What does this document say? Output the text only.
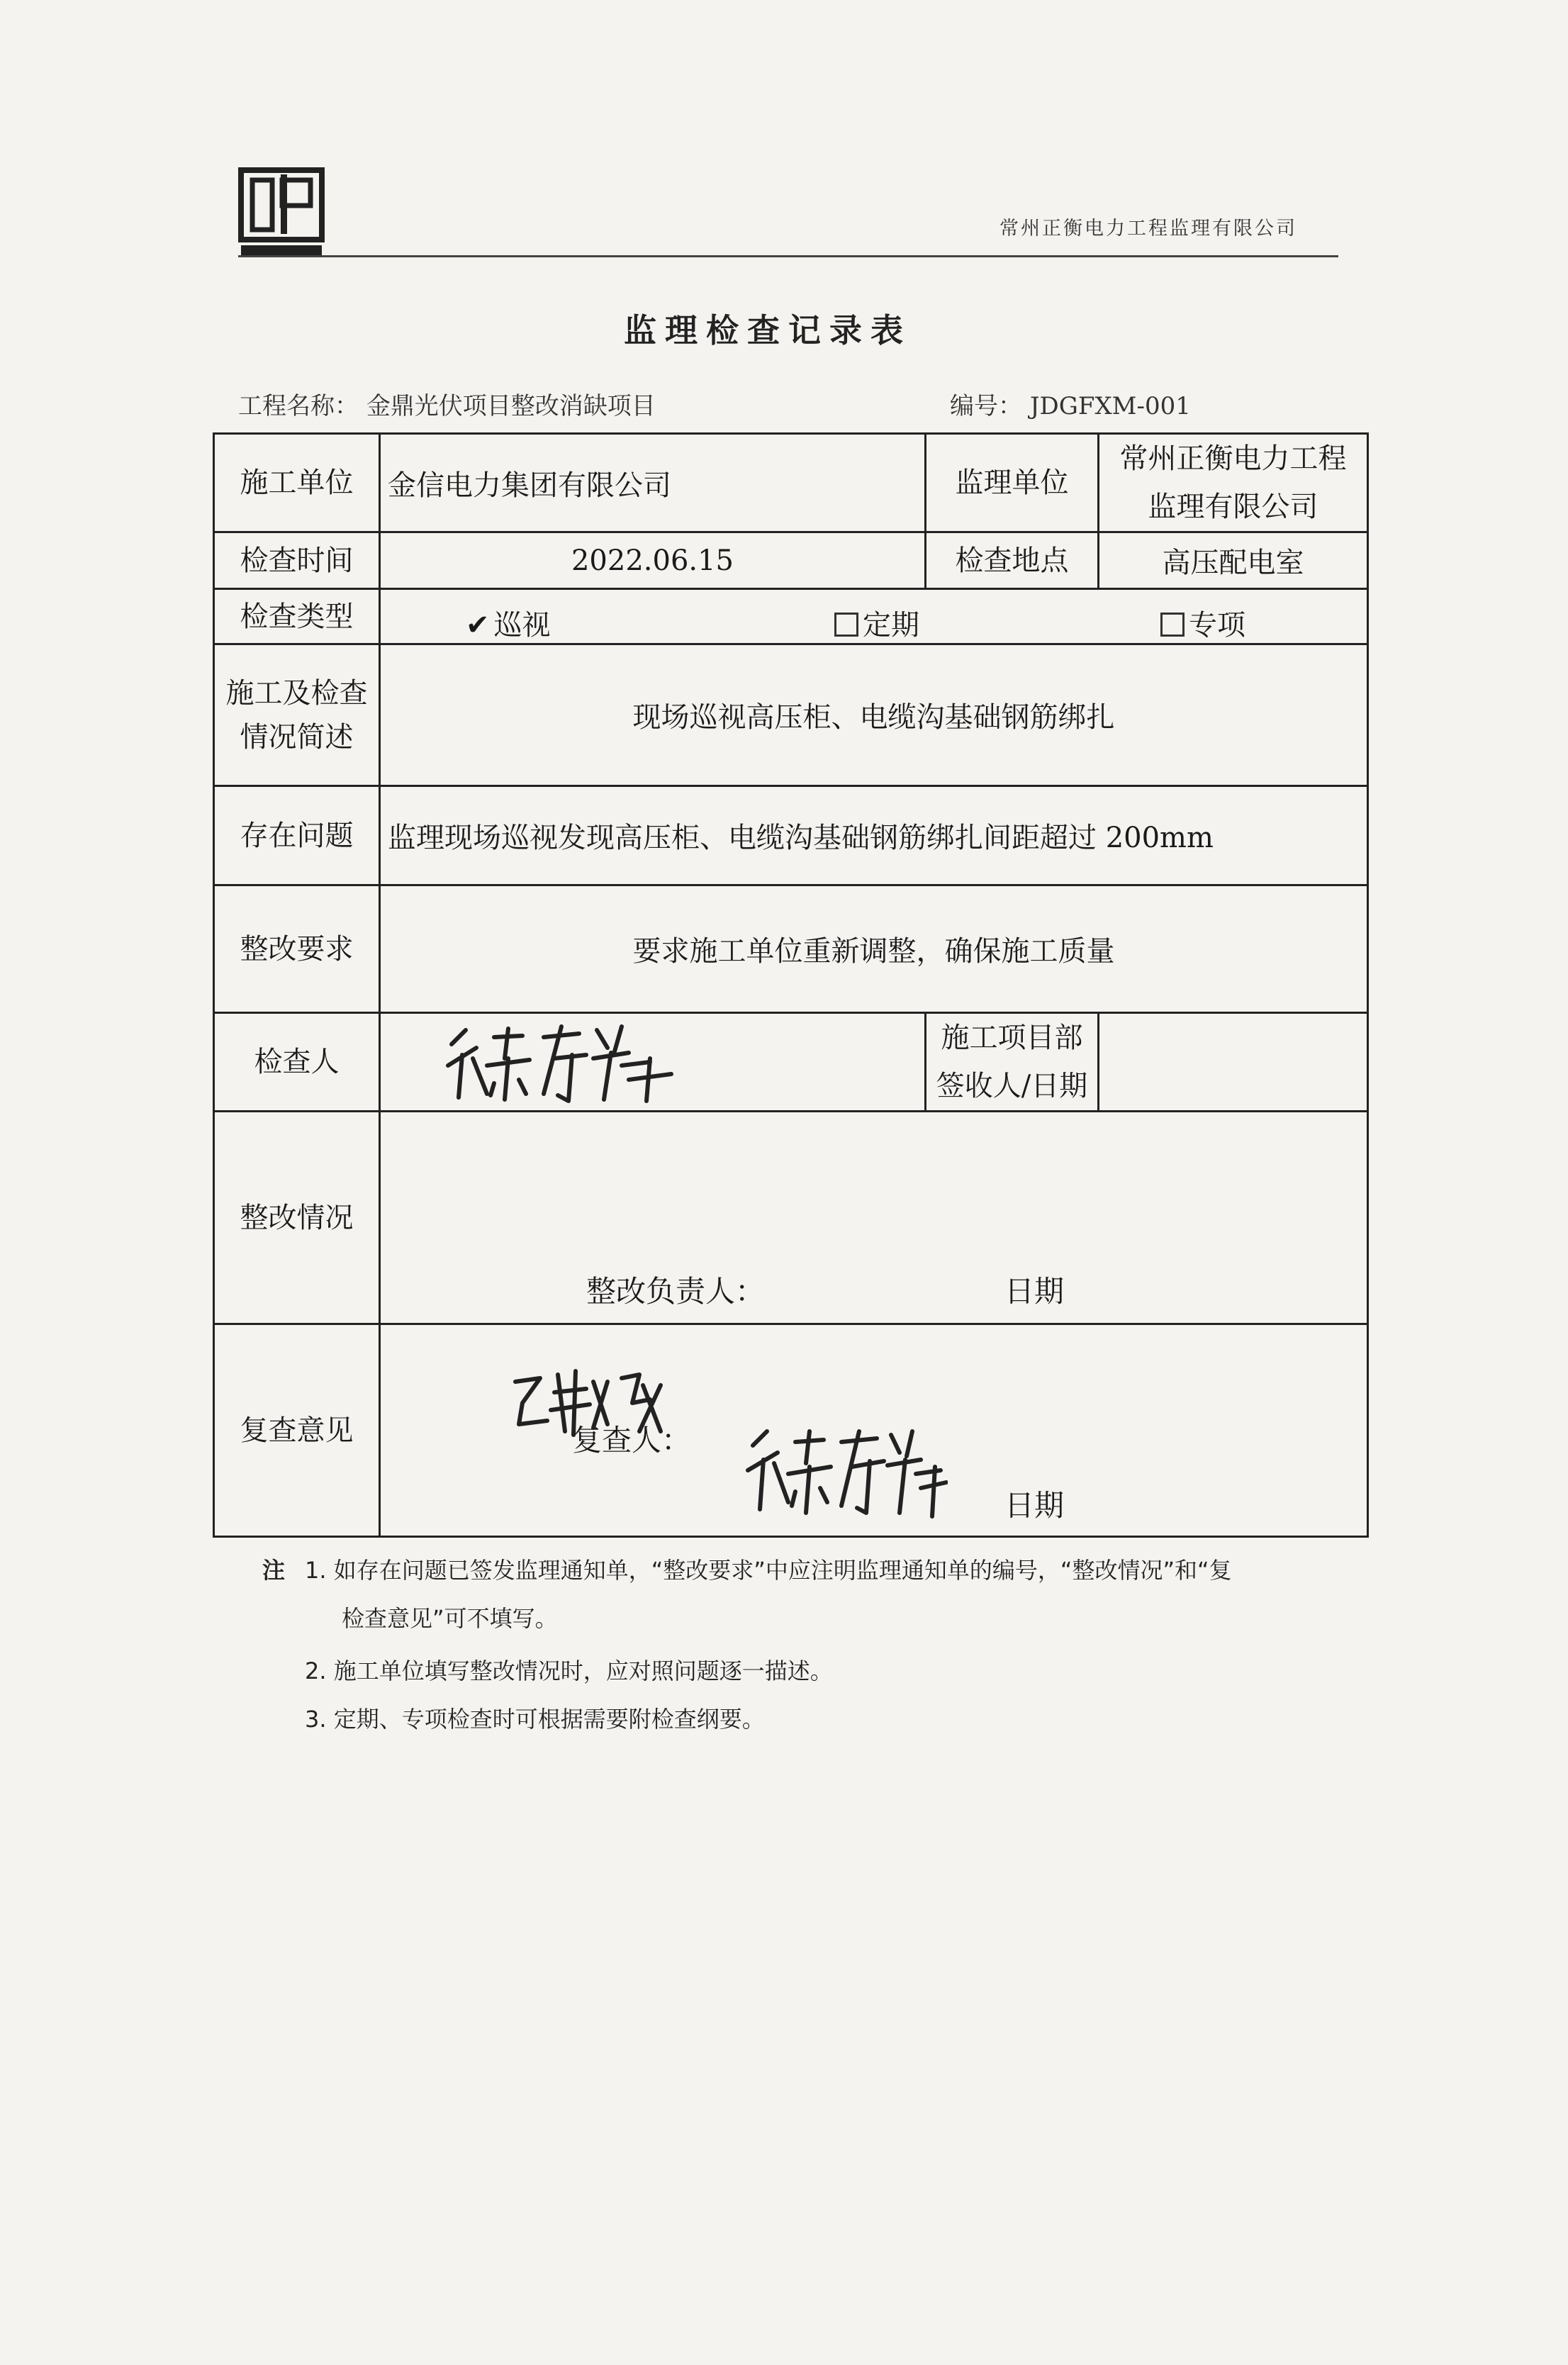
常州正衡电力工程监理有限公司
监理检查记录表
工程名称： 金鼎光伏项目整改消缺项目	编号： JDGFXM-001
施工单位	金信电力集团有限公司	监理单位	常州正衡电力工程监理有限公司
检查时间	2022.06.15	检查地点	高压配电室
检查类型	✔ 巡视 定期 专项		

施工及检查情况简述	现场巡视高压柜、电缆沟基础钢筋绑扎		
存在问题	监理现场巡视发现高压柜、电缆沟基础钢筋绑扎间距超过 200mm		
整改要求	要求施工单位重新调整，确保施工质量		
检查人		施工项目部签收人/日期	
整改情况	整改负责人： 日期		

复查意见	复查人：
日期		
注 1. 如存在问题已签发监理通知单，“整改要求”中应注明监理通知单的编号，“整改情况”和“复
检查意见”可不填写。
2. 施工单位填写整改情况时，应对照问题逐一描述。
3. 定期、专项检查时可根据需要附检查纲要。
